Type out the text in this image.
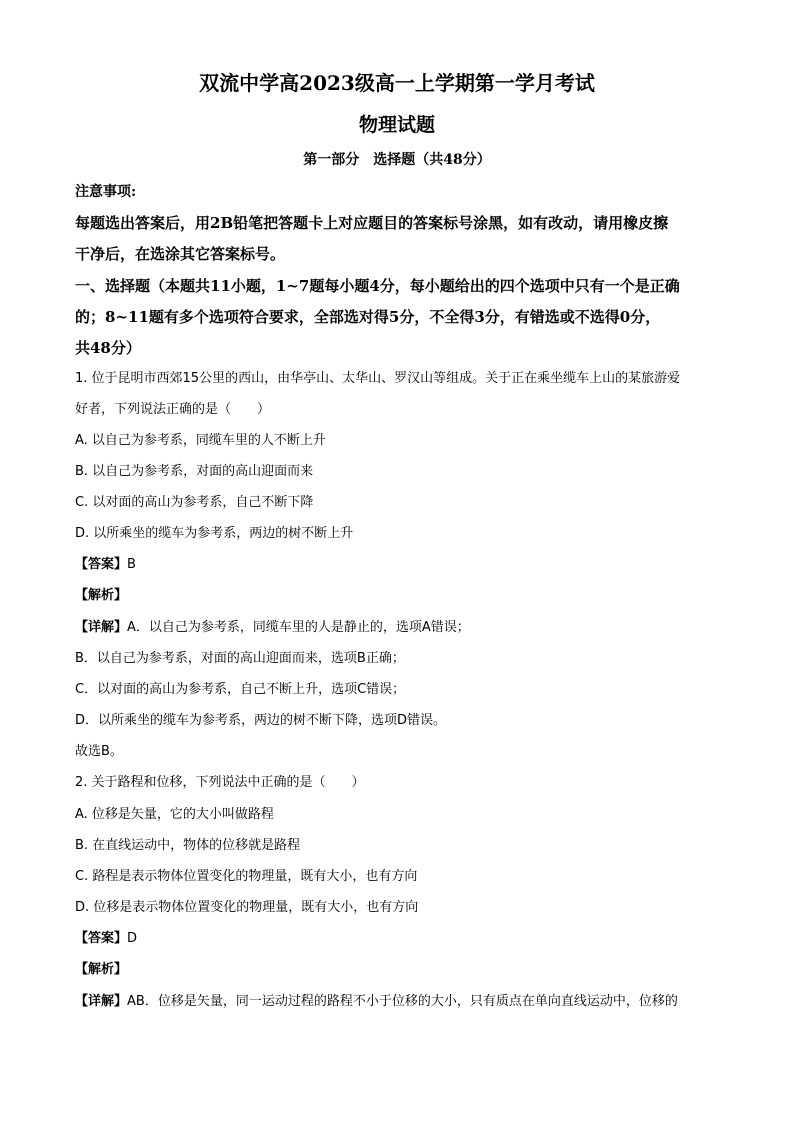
双流中学高2023级高一上学期第一学月考试
物理试题
第一部分　选择题（共48分）
注意事项:
每题选出答案后，用2B铅笔把答题卡上对应题目的答案标号涂黑，如有改动，请用橡皮擦
干净后，在选涂其它答案标号。
一、选择题（本题共11小题，1~7题每小题4分，每小题给出的四个选项中只有一个是正确
的；8~11题有多个选项符合要求，全部选对得5分，不全得3分，有错选或不选得0分，
共48分）
1. 位于昆明市西郊15公里的西山，由华亭山、太华山、罗汉山等组成。关于正在乘坐缆车上山的某旅游爱
好者，下列说法正确的是（　　）
A. 以自己为参考系，同缆车里的人不断上升
B. 以自己为参考系，对面的高山迎面而来
C. 以对面的高山为参考系，自己不断下降
D. 以所乘坐的缆车为参考系，两边的树不断上升
【答案】B
【解析】
【详解】A．以自己为参考系，同缆车里的人是静止的，选项A错误；
B．以自己为参考系，对面的高山迎面而来，选项B正确；
C．以对面的高山为参考系，自己不断上升，选项C错误；
D．以所乘坐的缆车为参考系，两边的树不断下降，选项D错误。
故选B。
2. 关于路程和位移，下列说法中正确的是（　　）
A. 位移是矢量，它的大小叫做路程
B. 在直线运动中，物体的位移就是路程
C. 路程是表示物体位置变化的物理量，既有大小，也有方向
D. 位移是表示物体位置变化的物理量，既有大小，也有方向
【答案】D
【解析】
【详解】AB．位移是矢量，同一运动过程的路程不小于位移的大小，只有质点在单向直线运动中，位移的
